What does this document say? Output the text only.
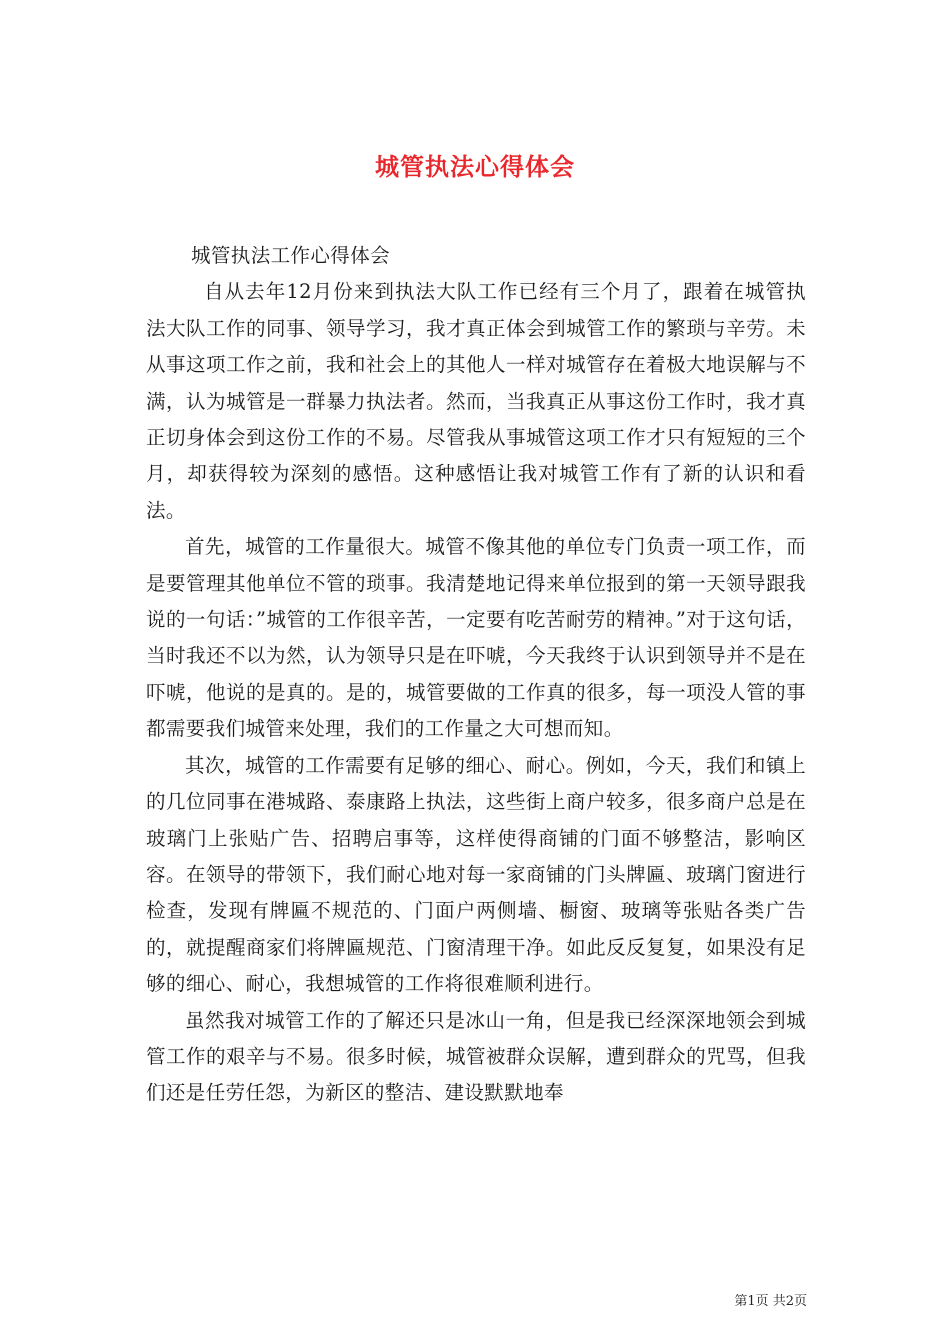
城管执法心得体会

城管执法工作心得体会

自从去年12月份来到执法大队工作已经有三个月了，跟着在城管执法大队工作的同事、领导学习，我才真正体会到城管工作的繁琐与辛劳。未从事这项工作之前，我和社会上的其他人一样对城管存在着极大地误解与不满，认为城管是一群暴力执法者。然而，当我真正从事这份工作时，我才真正切身体会到这份工作的不易。尽管我从事城管这项工作才只有短短的三个月，却获得较为深刻的感悟。这种感悟让我对城管工作有了新的认识和看法。

首先，城管的工作量很大。城管不像其他的单位专门负责一项工作，而是要管理其他单位不管的琐事。我清楚地记得来单位报到的第一天领导跟我说的一句话：”城管的工作很辛苦，一定要有吃苦耐劳的精神。”对于这句话，当时我还不以为然，认为领导只是在吓唬，今天我终于认识到领导并不是在吓唬，他说的是真的。是的，城管要做的工作真的很多，每一项没人管的事都需要我们城管来处理，我们的工作量之大可想而知。

其次，城管的工作需要有足够的细心、耐心。例如，今天，我们和镇上的几位同事在港城路、泰康路上执法，这些街上商户较多，很多商户总是在玻璃门上张贴广告、招聘启事等，这样使得商铺的门面不够整洁，影响区容。在领导的带领下，我们耐心地对每一家商铺的门头牌匾、玻璃门窗进行检查，发现有牌匾不规范的、门面户两侧墙、橱窗、玻璃等张贴各类广告的，就提醒商家们将牌匾规范、门窗清理干净。如此反反复复，如果没有足够的细心、耐心，我想城管的工作将很难顺利进行。

虽然我对城管工作的了解还只是冰山一角，但是我已经深深地领会到城管工作的艰辛与不易。很多时候，城管被群众误解，遭到群众的咒骂，但我们还是任劳任怨，为新区的整洁、建设默默地奉

第1页 共2页
